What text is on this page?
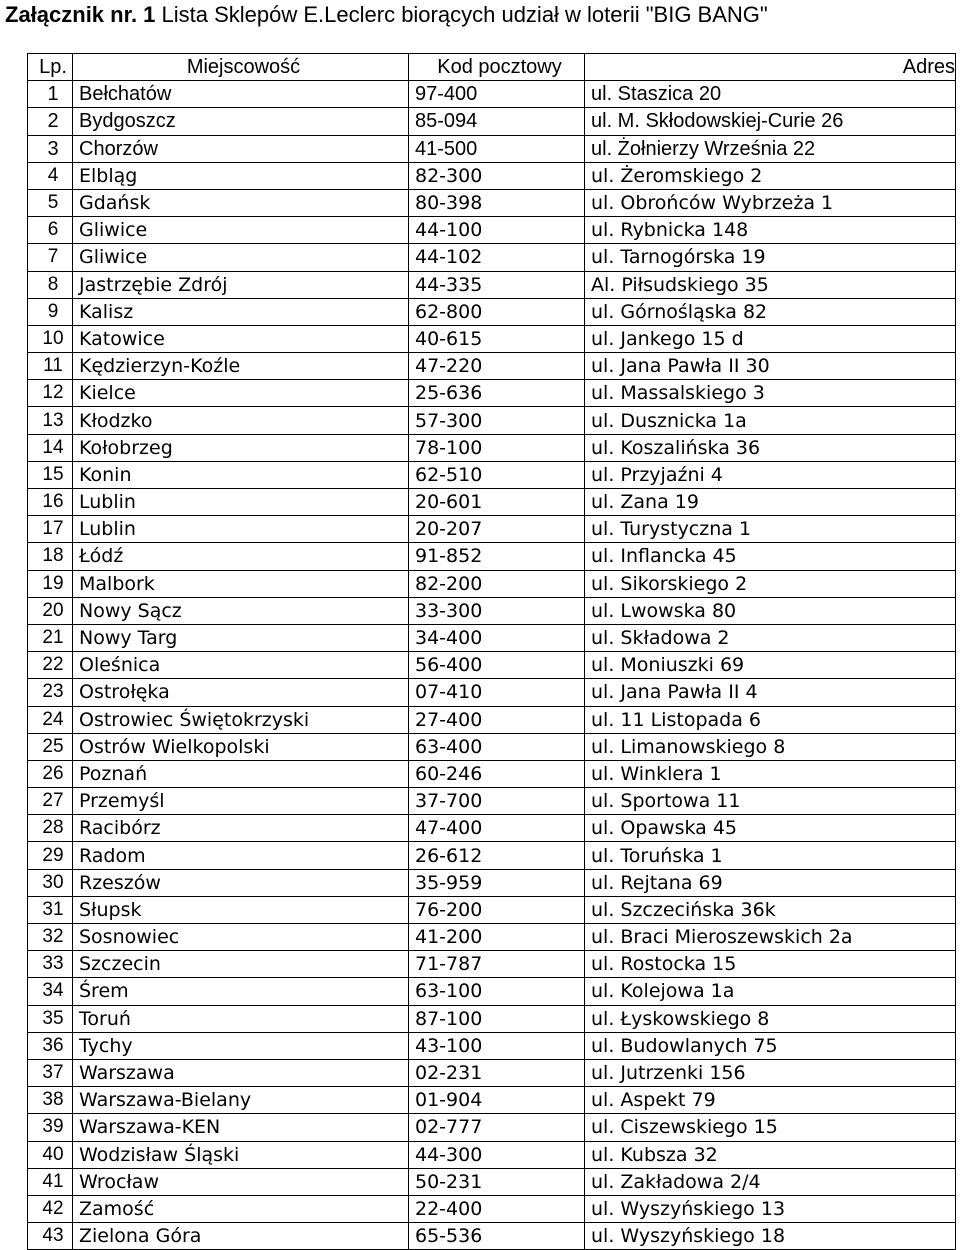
Załącznik nr. 1 Lista Sklepów E.Leclerc biorących udział w loterii "BIG BANG"
Lp.	Miejscowość	Kod pocztowy	Adres
1	Bełchatów	97-400	ul. Staszica 20
2	Bydgoszcz	85-094	ul. M. Skłodowskiej-Curie 26
3	Chorzów	41-500	ul. Żołnierzy Września 22
4	Elbląg	82-300	ul. Żeromskiego 2
5	Gdańsk	80-398	ul. Obrońców Wybrzeża 1
6	Gliwice	44-100	ul. Rybnicka 148
7	Gliwice	44-102	ul. Tarnogórska 19
8	Jastrzębie Zdrój	44-335	Al. Piłsudskiego 35
9	Kalisz	62-800	ul. Górnośląska 82
10	Katowice	40-615	ul. Jankego 15 d
11	Kędzierzyn-Koźle	47-220	ul. Jana Pawła II 30
12	Kielce	25-636	ul. Massalskiego 3
13	Kłodzko	57-300	ul. Dusznicka 1a
14	Kołobrzeg	78-100	ul. Koszalińska 36
15	Konin	62-510	ul. Przyjaźni 4
16	Lublin	20-601	ul. Zana 19
17	Lublin	20-207	ul. Turystyczna 1
18	Łódź	91-852	ul. Inflancka 45
19	Malbork	82-200	ul. Sikorskiego 2
20	Nowy Sącz	33-300	ul. Lwowska 80
21	Nowy Targ	34-400	ul. Składowa 2
22	Oleśnica	56-400	ul. Moniuszki 69
23	Ostrołęka	07-410	ul. Jana Pawła II 4
24	Ostrowiec Świętokrzyski	27-400	ul. 11 Listopada 6
25	Ostrów Wielkopolski	63-400	ul. Limanowskiego 8
26	Poznań	60-246	ul. Winklera 1
27	Przemyśl	37-700	ul. Sportowa 11
28	Racibórz	47-400	ul. Opawska 45
29	Radom	26-612	ul. Toruńska 1
30	Rzeszów	35-959	ul. Rejtana 69
31	Słupsk	76-200	ul. Szczecińska 36k
32	Sosnowiec	41-200	ul. Braci Mieroszewskich 2a
33	Szczecin	71-787	ul. Rostocka 15
34	Śrem	63-100	ul. Kolejowa 1a
35	Toruń	87-100	ul. Łyskowskiego 8
36	Tychy	43-100	ul. Budowlanych 75
37	Warszawa	02-231	ul. Jutrzenki 156
38	Warszawa-Bielany	01-904	ul. Aspekt 79
39	Warszawa-KEN	02-777	ul. Ciszewskiego 15
40	Wodzisław Śląski	44-300	ul. Kubsza 32
41	Wrocław	50-231	ul. Zakładowa 2/4
42	Zamość	22-400	ul. Wyszyńskiego 13
43	Zielona Góra	65-536	ul. Wyszyńskiego 18
